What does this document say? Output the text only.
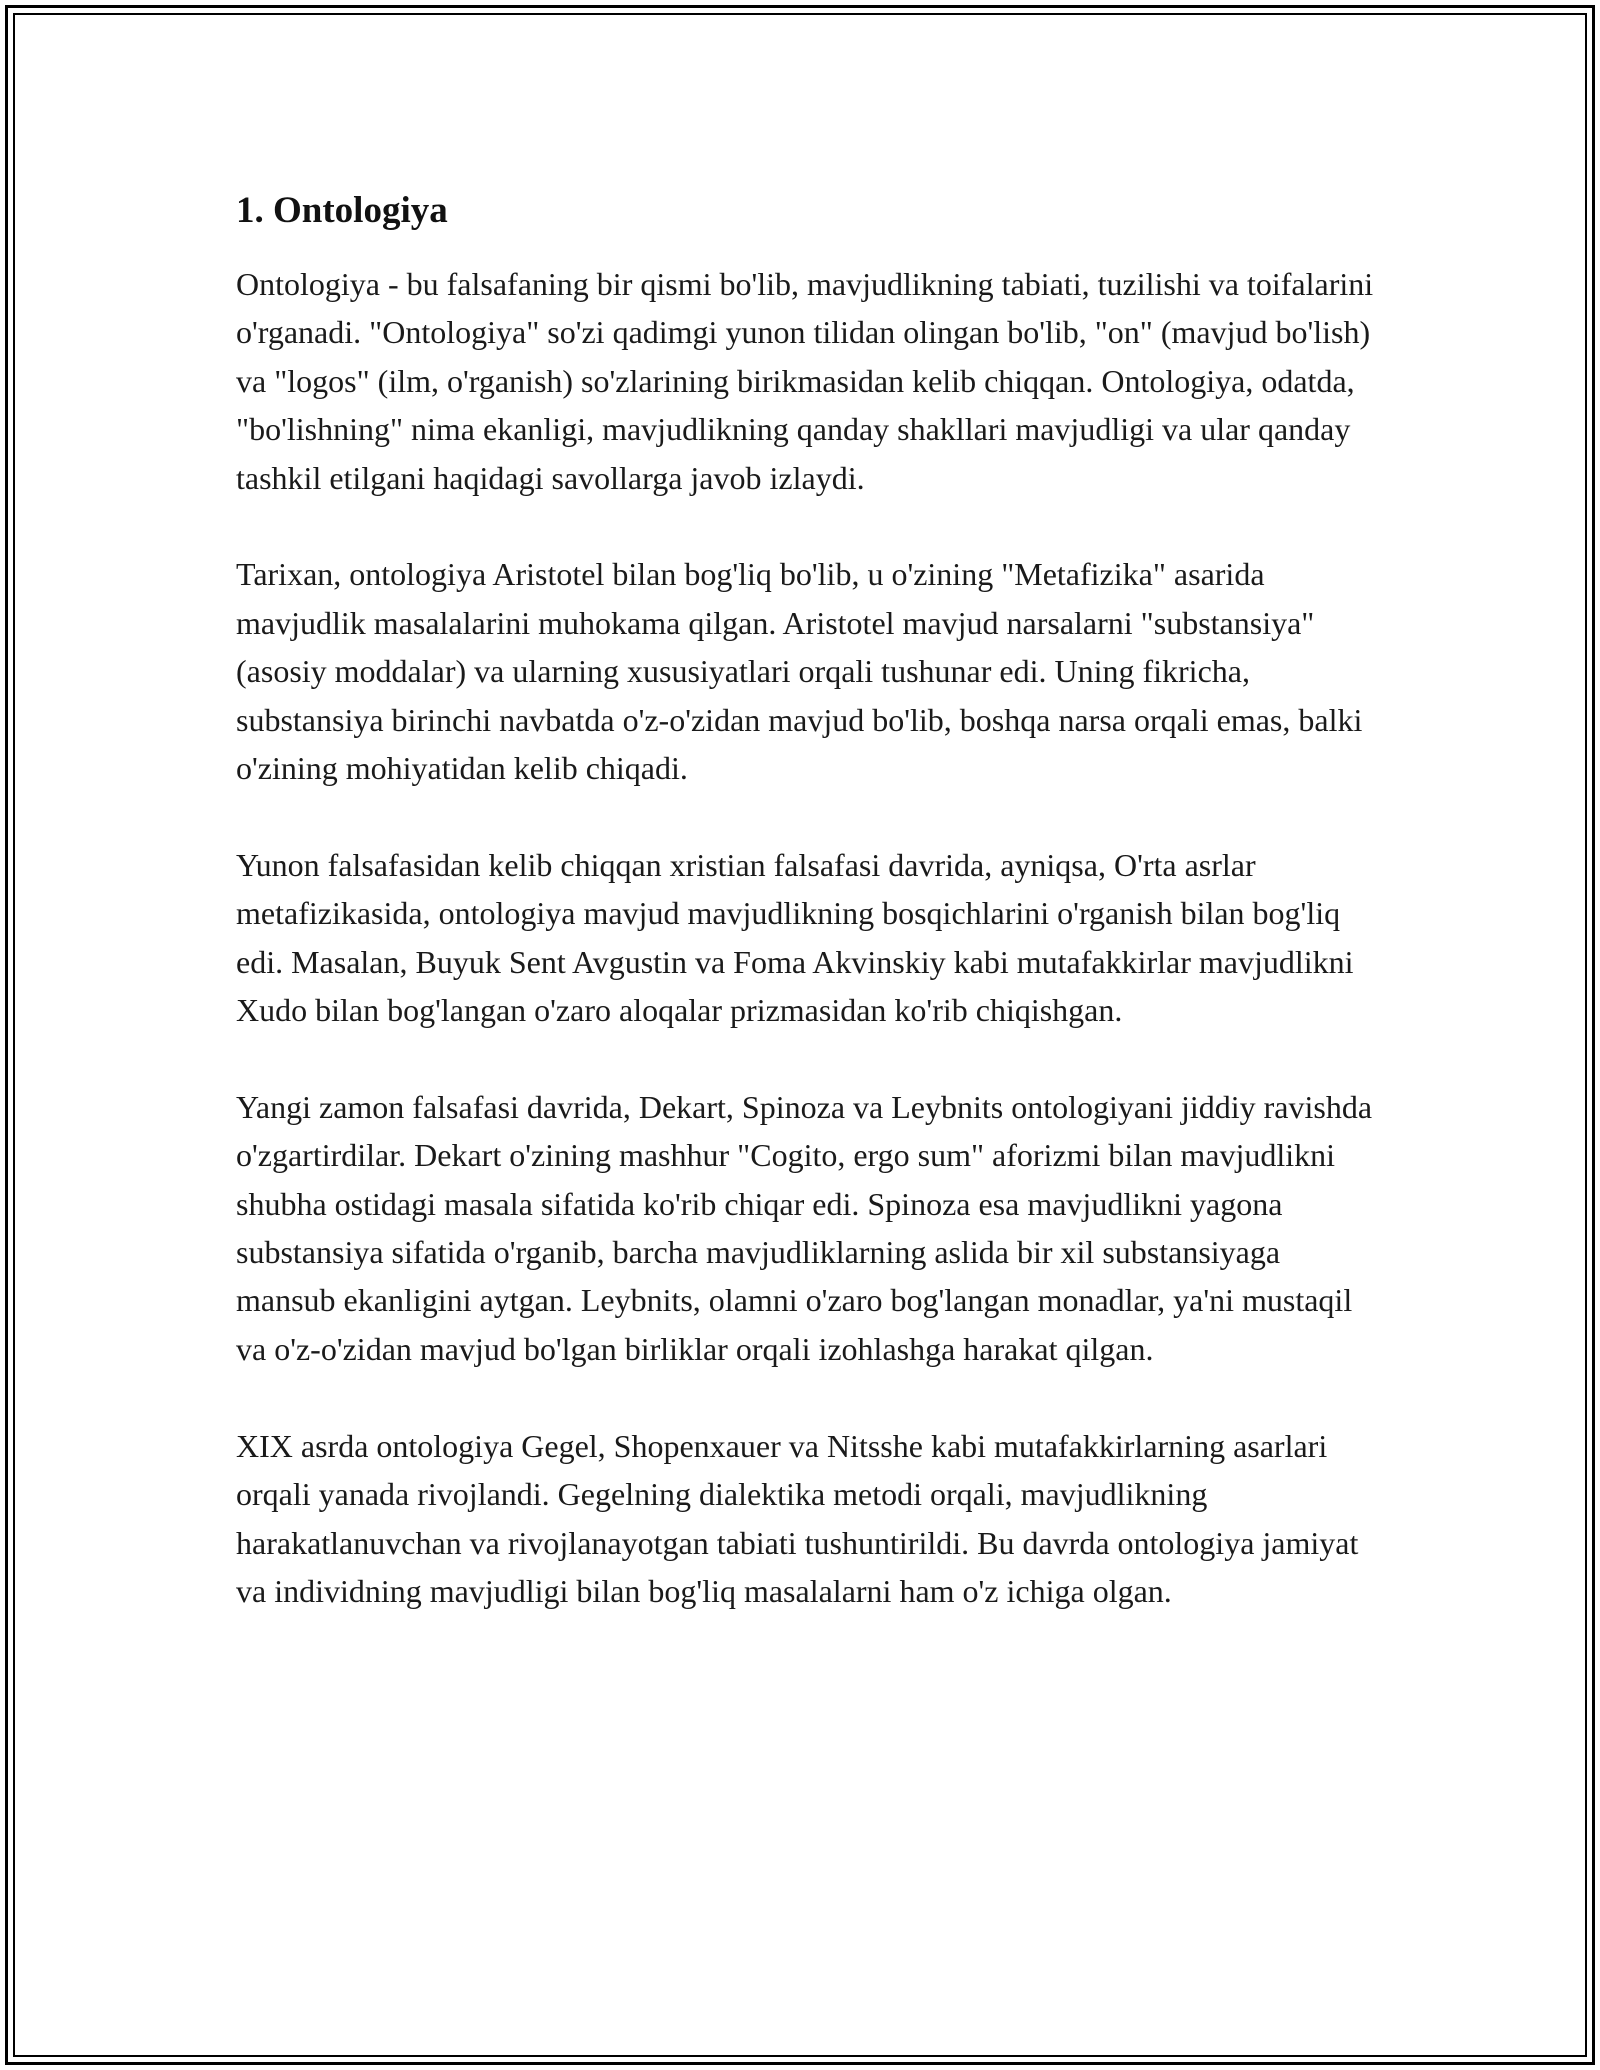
1. Ontologiya

Ontologiya - bu falsafaning bir qismi bo'lib, mavjudlikning tabiati, tuzilishi va toifalarini o'rganadi. "Ontologiya" so'zi qadimgi yunon tilidan olingan bo'lib, "on" (mavjud bo'lish) va "logos" (ilm, o'rganish) so'zlarining birikmasidan kelib chiqqan. Ontologiya, odatda, "bo'lishning" nima ekanligi, mavjudlikning qanday shakllari mavjudligi va ular qanday tashkil etilgani haqidagi savollarga javob izlaydi.

Tarixan, ontologiya Aristotel bilan bog'liq bo'lib, u o'zining "Metafizika" asarida mavjudlik masalalarini muhokama qilgan. Aristotel mavjud narsalarni "substansiya" (asosiy moddalar) va ularning xususiyatlari orqali tushunar edi. Uning fikricha, substansiya birinchi navbatda o'z-o'zidan mavjud bo'lib, boshqa narsa orqali emas, balki o'zining mohiyatidan kelib chiqadi.

Yunon falsafasidan kelib chiqqan xristian falsafasi davrida, ayniqsa, O'rta asrlar metafizikasida, ontologiya mavjud mavjudlikning bosqichlarini o'rganish bilan bog'liq edi. Masalan, Buyuk Sent Avgustin va Foma Akvinskiy kabi mutafakkirlar mavjudlikni Xudo bilan bog'langan o'zaro aloqalar prizmasidan ko'rib chiqishgan.

Yangi zamon falsafasi davrida, Dekart, Spinoza va Leybnits ontologiyani jiddiy ravishda o'zgartirdilar. Dekart o'zining mashhur "Cogito, ergo sum" aforizmi bilan mavjudlikni shubha ostidagi masala sifatida ko'rib chiqar edi. Spinoza esa mavjudlikni yagona substansiya sifatida o'rganib, barcha mavjudliklarning aslida bir xil substansiyaga mansub ekanligini aytgan. Leybnits, olamni o'zaro bog'langan monadlar, ya'ni mustaqil va o'z-o'zidan mavjud bo'lgan birliklar orqali izohlashga harakat qilgan.

XIX asrda ontologiya Gegel, Shopenxauer va Nitsshe kabi mutafakkirlarning asarlari orqali yanada rivojlandi. Gegelning dialektika metodi orqali, mavjudlikning harakatlanuvchan va rivojlanayotgan tabiati tushuntirildi. Bu davrda ontologiya jamiyat va individning mavjudligi bilan bog'liq masalalarni ham o'z ichiga olgan.
